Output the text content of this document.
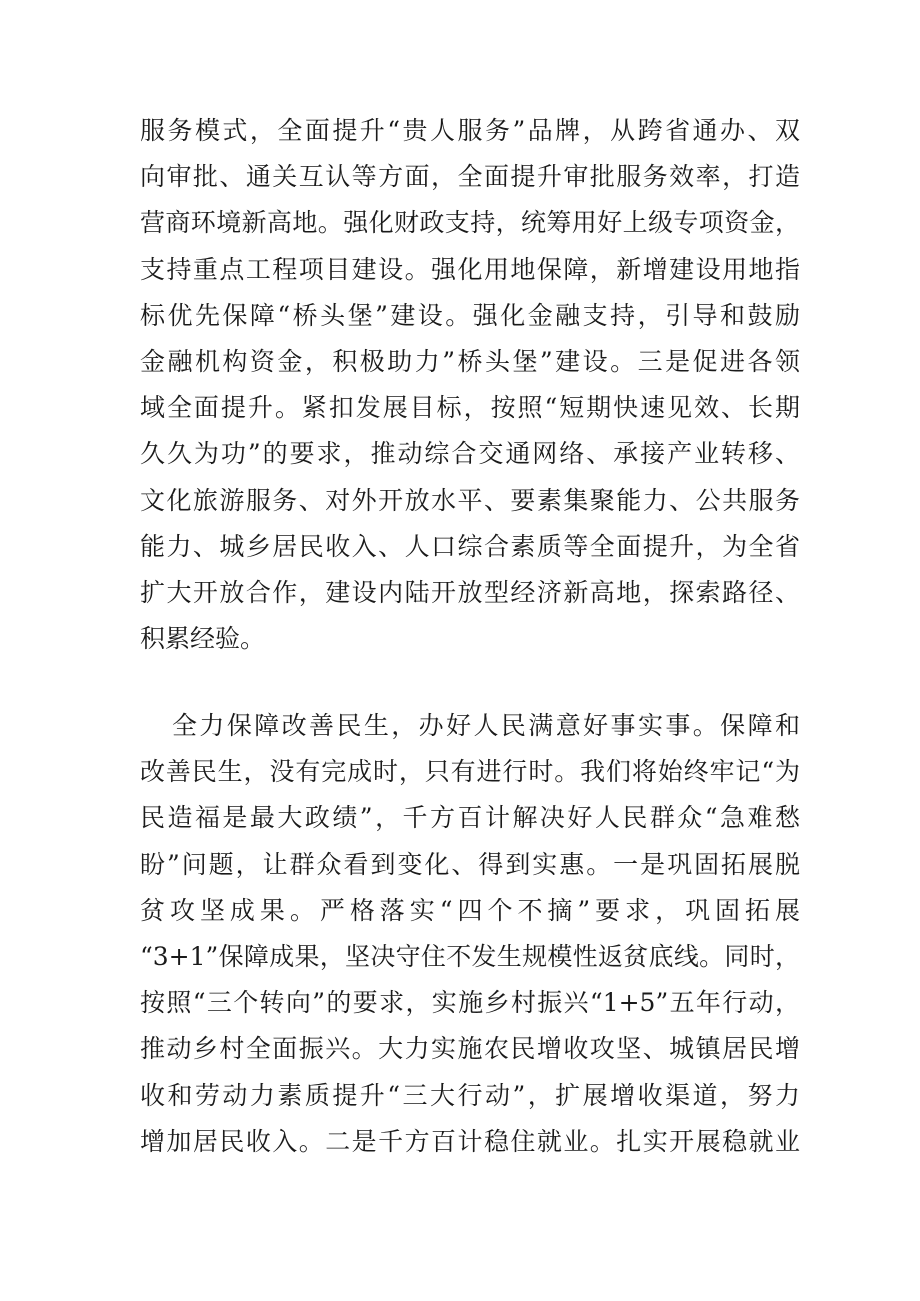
服务模式，全面提升“贵人服务”品牌，从跨省通办、双
向审批、通关互认等方面，全面提升审批服务效率，打造
营商环境新高地。强化财政支持，统筹用好上级专项资金，
支持重点工程项目建设。强化用地保障，新增建设用地指
标优先保障“桥头堡”建设。强化金融支持，引导和鼓励
金融机构资金，积极助力”桥头堡”建设。三是促进各领
域全面提升。紧扣发展目标，按照“短期快速见效、长期
久久为功”的要求，推动综合交通网络、承接产业转移、
文化旅游服务、对外开放水平、要素集聚能力、公共服务
能力、城乡居民收入、人口综合素质等全面提升，为全省
扩大开放合作，建设内陆开放型经济新高地，探索路径、
积累经验。
全力保障改善民生，办好人民满意好事实事。保障和
改善民生，没有完成时，只有进行时。我们将始终牢记“为
民造福是最大政绩”，千方百计解决好人民群众“急难愁
盼”问题，让群众看到变化、得到实惠。一是巩固拓展脱
贫攻坚成果。严格落实“四个不摘”要求，巩固拓展
“3+1”保障成果，坚决守住不发生规模性返贫底线。同时，
按照“三个转向”的要求，实施乡村振兴“1+5”五年行动，
推动乡村全面振兴。大力实施农民增收攻坚、城镇居民增
收和劳动力素质提升“三大行动”，扩展增收渠道，努力
增加居民收入。二是千方百计稳住就业。扎实开展稳就业
